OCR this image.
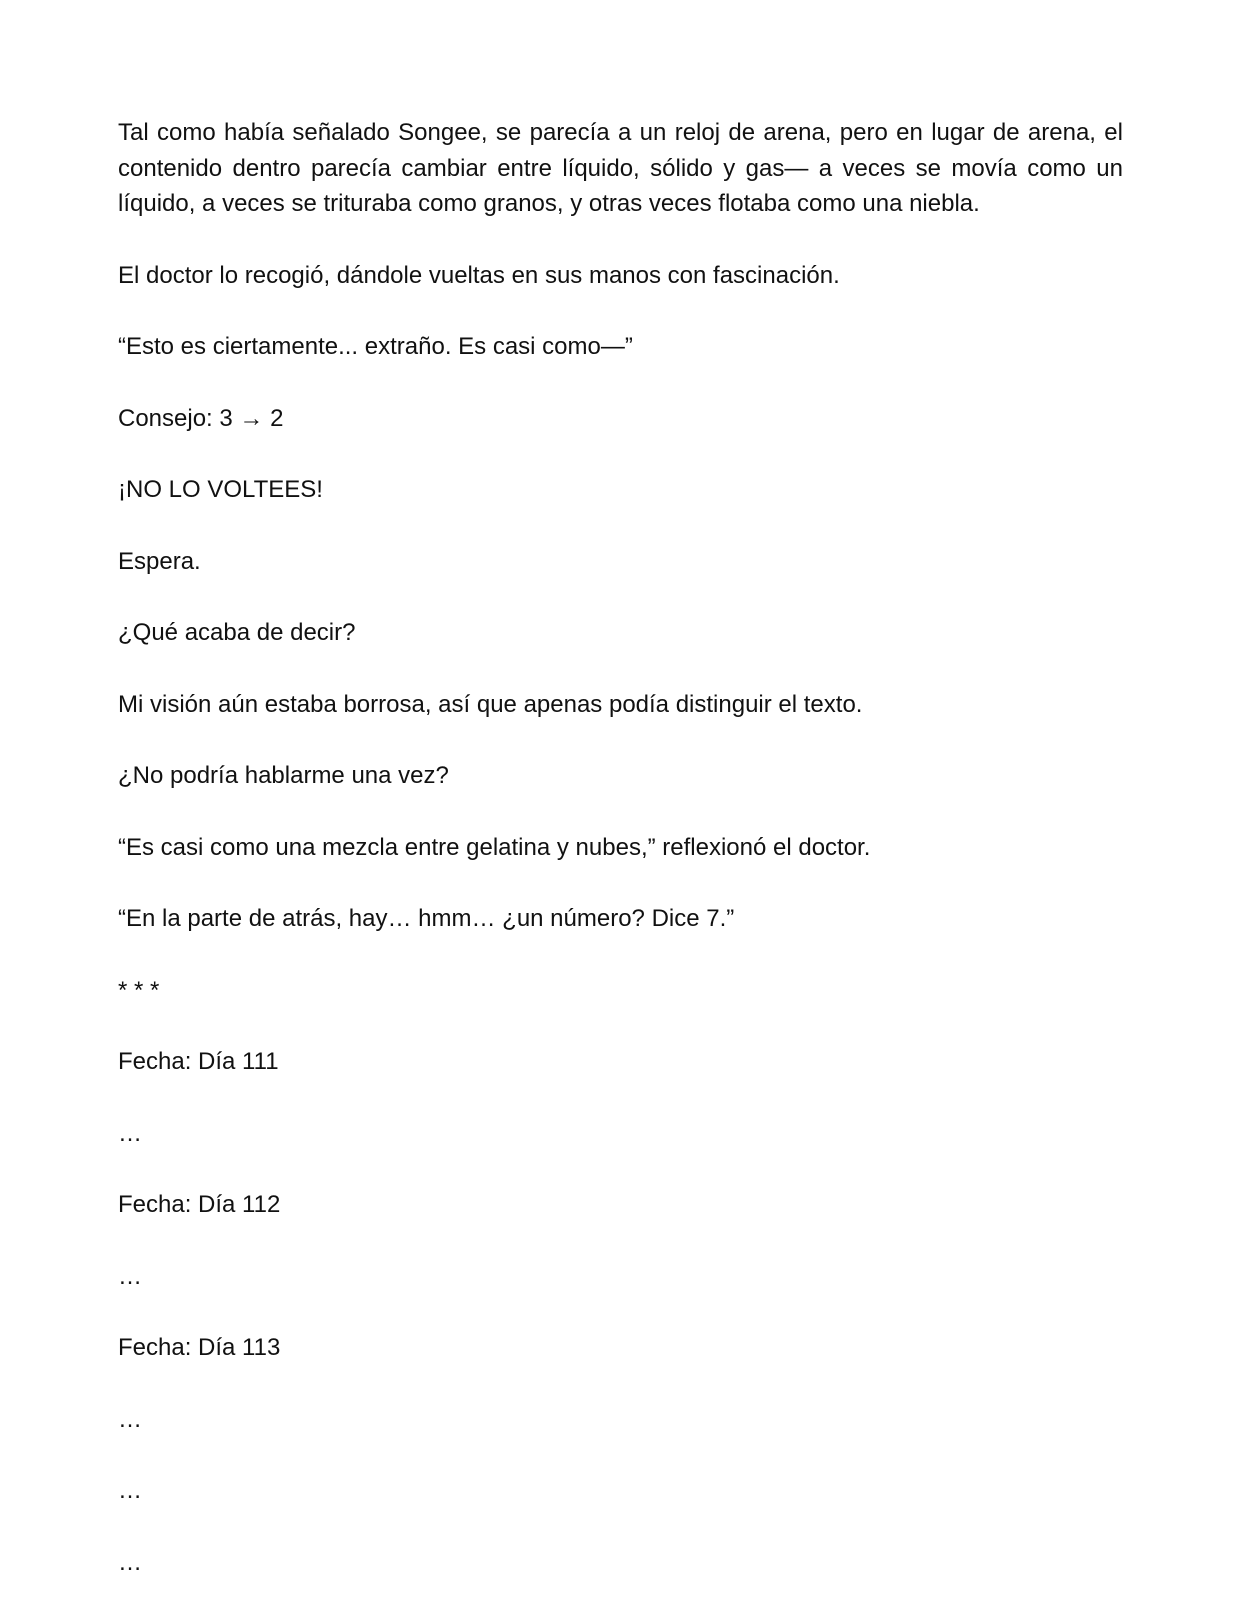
Tal como había señalado Songee, se parecía a un reloj de arena, pero en lugar de arena, el contenido dentro parecía cambiar entre líquido, sólido y gas— a veces se movía como un líquido, a veces se trituraba como granos, y otras veces flotaba como una niebla.

El doctor lo recogió, dándole vueltas en sus manos con fascinación.

“Esto es ciertamente... extraño. Es casi como—”

Consejo: 3 → 2

¡NO LO VOLTEES!

Espera.

¿Qué acaba de decir?

Mi visión aún estaba borrosa, así que apenas podía distinguir el texto.

¿No podría hablarme una vez?

“Es casi como una mezcla entre gelatina y nubes,” reflexionó el doctor.

“En la parte de atrás, hay… hmm… ¿un número? Dice 7.”

* * *

Fecha: Día 111

…

Fecha: Día 112

…

Fecha: Día 113

…

…

…
